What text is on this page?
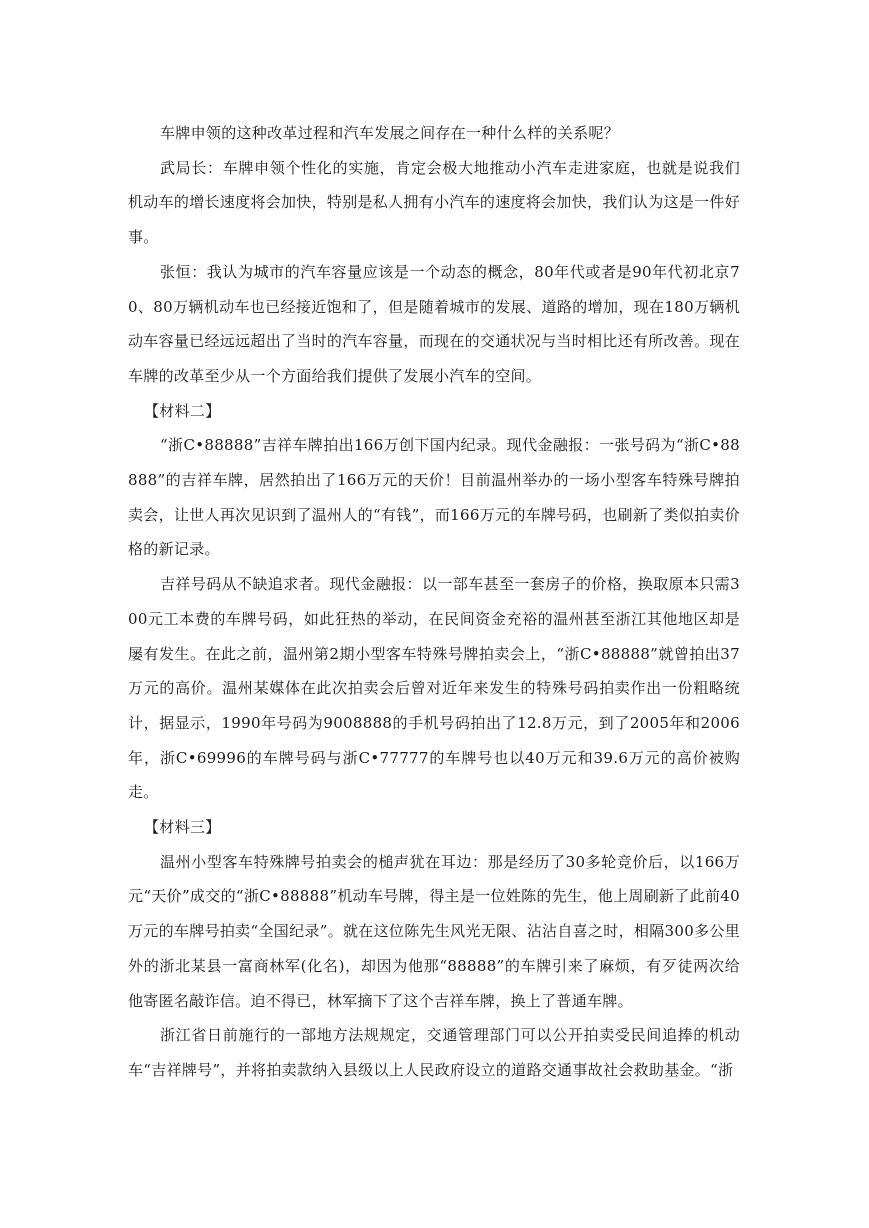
车牌申领的这种改革过程和汽车发展之间存在一种什么样的关系呢？

武局长：车牌申领个性化的实施，肯定会极大地推动小汽车走进家庭，也就是说我们机动车的增长速度将会加快，特别是私人拥有小汽车的速度将会加快，我们认为这是一件好事。

张恒：我认为城市的汽车容量应该是一个动态的概念，80年代或者是90年代初北京70、80万辆机动车也已经接近饱和了，但是随着城市的发展、道路的增加，现在180万辆机动车容量已经远远超出了当时的汽车容量，而现在的交通状况与当时相比还有所改善。现在车牌的改革至少从一个方面给我们提供了发展小汽车的空间。

【材料二】

“浙C•88888”吉祥车牌拍出166万创下国内纪录。现代金融报：一张号码为“浙C•88888”的吉祥车牌，居然拍出了166万元的天价！目前温州举办的一场小型客车特殊号牌拍卖会，让世人再次见识到了温州人的“有钱”，而166万元的车牌号码，也刷新了类似拍卖价格的新记录。

吉祥号码从不缺追求者。现代金融报：以一部车甚至一套房子的价格，换取原本只需300元工本费的车牌号码，如此狂热的举动，在民间资金充裕的温州甚至浙江其他地区却是屡有发生。在此之前，温州第2期小型客车特殊号牌拍卖会上，“浙C•88888”就曾拍出37万元的高价。温州某媒体在此次拍卖会后曾对近年来发生的特殊号码拍卖作出一份粗略统计，据显示，1990年号码为9008888的手机号码拍出了12.8万元，到了2005年和2006年，浙C•69996的车牌号码与浙C•77777的车牌号也以40万元和39.6万元的高价被购走。

【材料三】

温州小型客车特殊牌号拍卖会的槌声犹在耳边：那是经历了30多轮竞价后，以166万元“天价”成交的“浙C•88888”机动车号牌，得主是一位姓陈的先生，他上周刷新了此前40万元的车牌号拍卖“全国纪录”。就在这位陈先生风光无限、沾沾自喜之时，相隔300多公里外的浙北某县一富商林军(化名)，却因为他那“88888”的车牌引来了麻烦，有歹徒两次给他寄匿名敲诈信。迫不得已，林军摘下了这个吉祥车牌，换上了普通车牌。

浙江省日前施行的一部地方法规规定，交通管理部门可以公开拍卖受民间追捧的机动车“吉祥牌号”，并将拍卖款纳入县级以上人民政府设立的道路交通事故社会救助基金。“浙
